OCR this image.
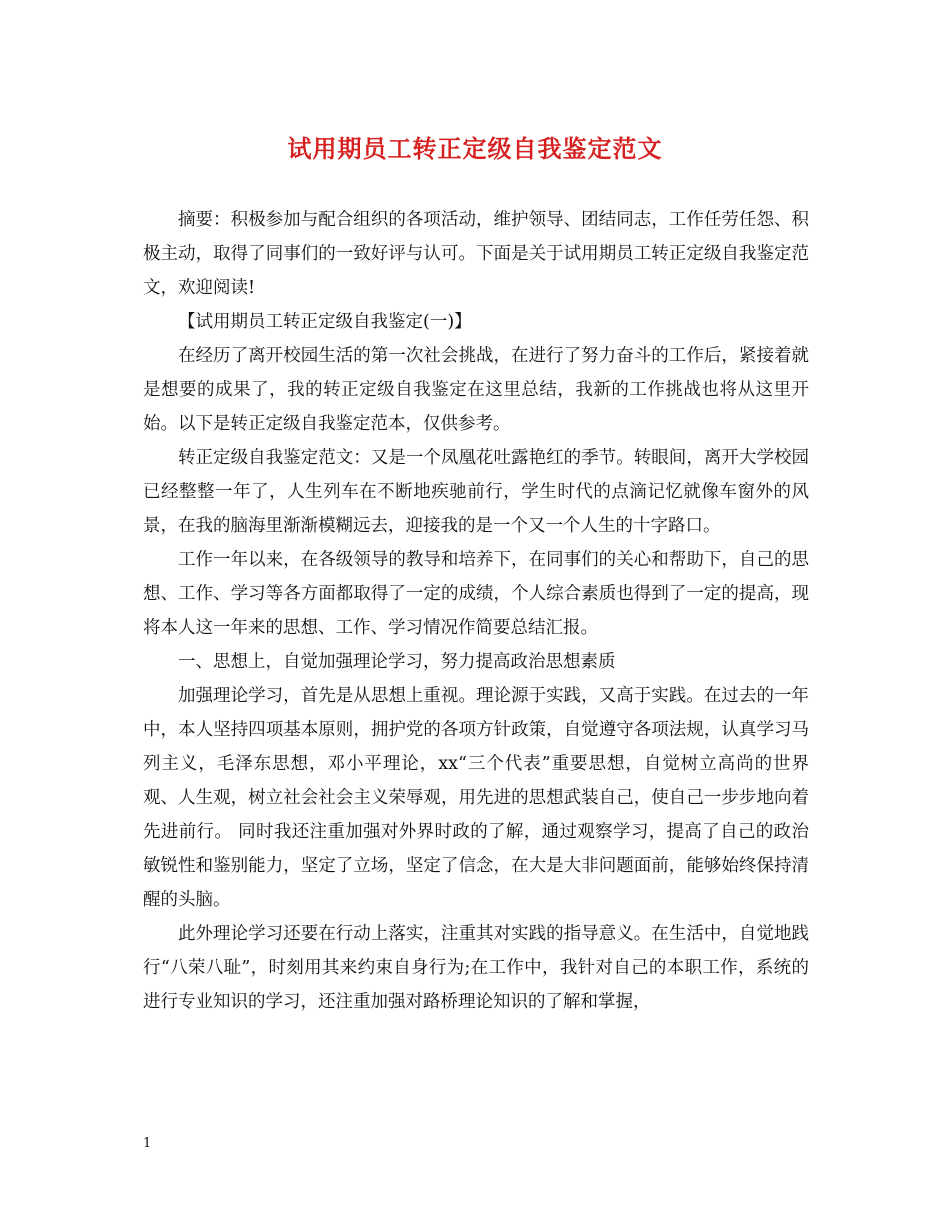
试用期员工转正定级自我鉴定范文

摘要：积极参加与配合组织的各项活动，维护领导、团结同志，工作任劳任怨、积极主动，取得了同事们的一致好评与认可。下面是关于试用期员工转正定级自我鉴定范文，欢迎阅读!

【试用期员工转正定级自我鉴定(一)】

在经历了离开校园生活的第一次社会挑战，在进行了努力奋斗的工作后，紧接着就是想要的成果了，我的转正定级自我鉴定在这里总结，我新的工作挑战也将从这里开始。以下是转正定级自我鉴定范本，仅供参考。

转正定级自我鉴定范文：又是一个凤凰花吐露艳红的季节。转眼间，离开大学校园已经整整一年了，人生列车在不断地疾驰前行，学生时代的点滴记忆就像车窗外的风景，在我的脑海里渐渐模糊远去，迎接我的是一个又一个人生的十字路口。

工作一年以来，在各级领导的教导和培养下，在同事们的关心和帮助下，自己的思想、工作、学习等各方面都取得了一定的成绩，个人综合素质也得到了一定的提高，现将本人这一年来的思想、工作、学习情况作简要总结汇报。

一、思想上，自觉加强理论学习，努力提高政治思想素质

加强理论学习，首先是从思想上重视。理论源于实践，又高于实践。在过去的一年中，本人坚持四项基本原则，拥护党的各项方针政策，自觉遵守各项法规，认真学习马列主义，毛泽东思想，邓小平理论，xx“三个代表”重要思想，自觉树立高尚的世界观、人生观，树立社会社会主义荣辱观，用先进的思想武装自己，使自己一步步地向着先进前行。 同时我还注重加强对外界时政的了解，通过观察学习，提高了自己的政治敏锐性和鉴别能力，坚定了立场，坚定了信念，在大是大非问题面前，能够始终保持清醒的头脑。

此外理论学习还要在行动上落实，注重其对实践的指导意义。在生活中，自觉地践行“八荣八耻”，时刻用其来约束自身行为;在工作中，我针对自己的本职工作，系统的进行专业知识的学习，还注重加强对路桥理论知识的了解和掌握，

1
